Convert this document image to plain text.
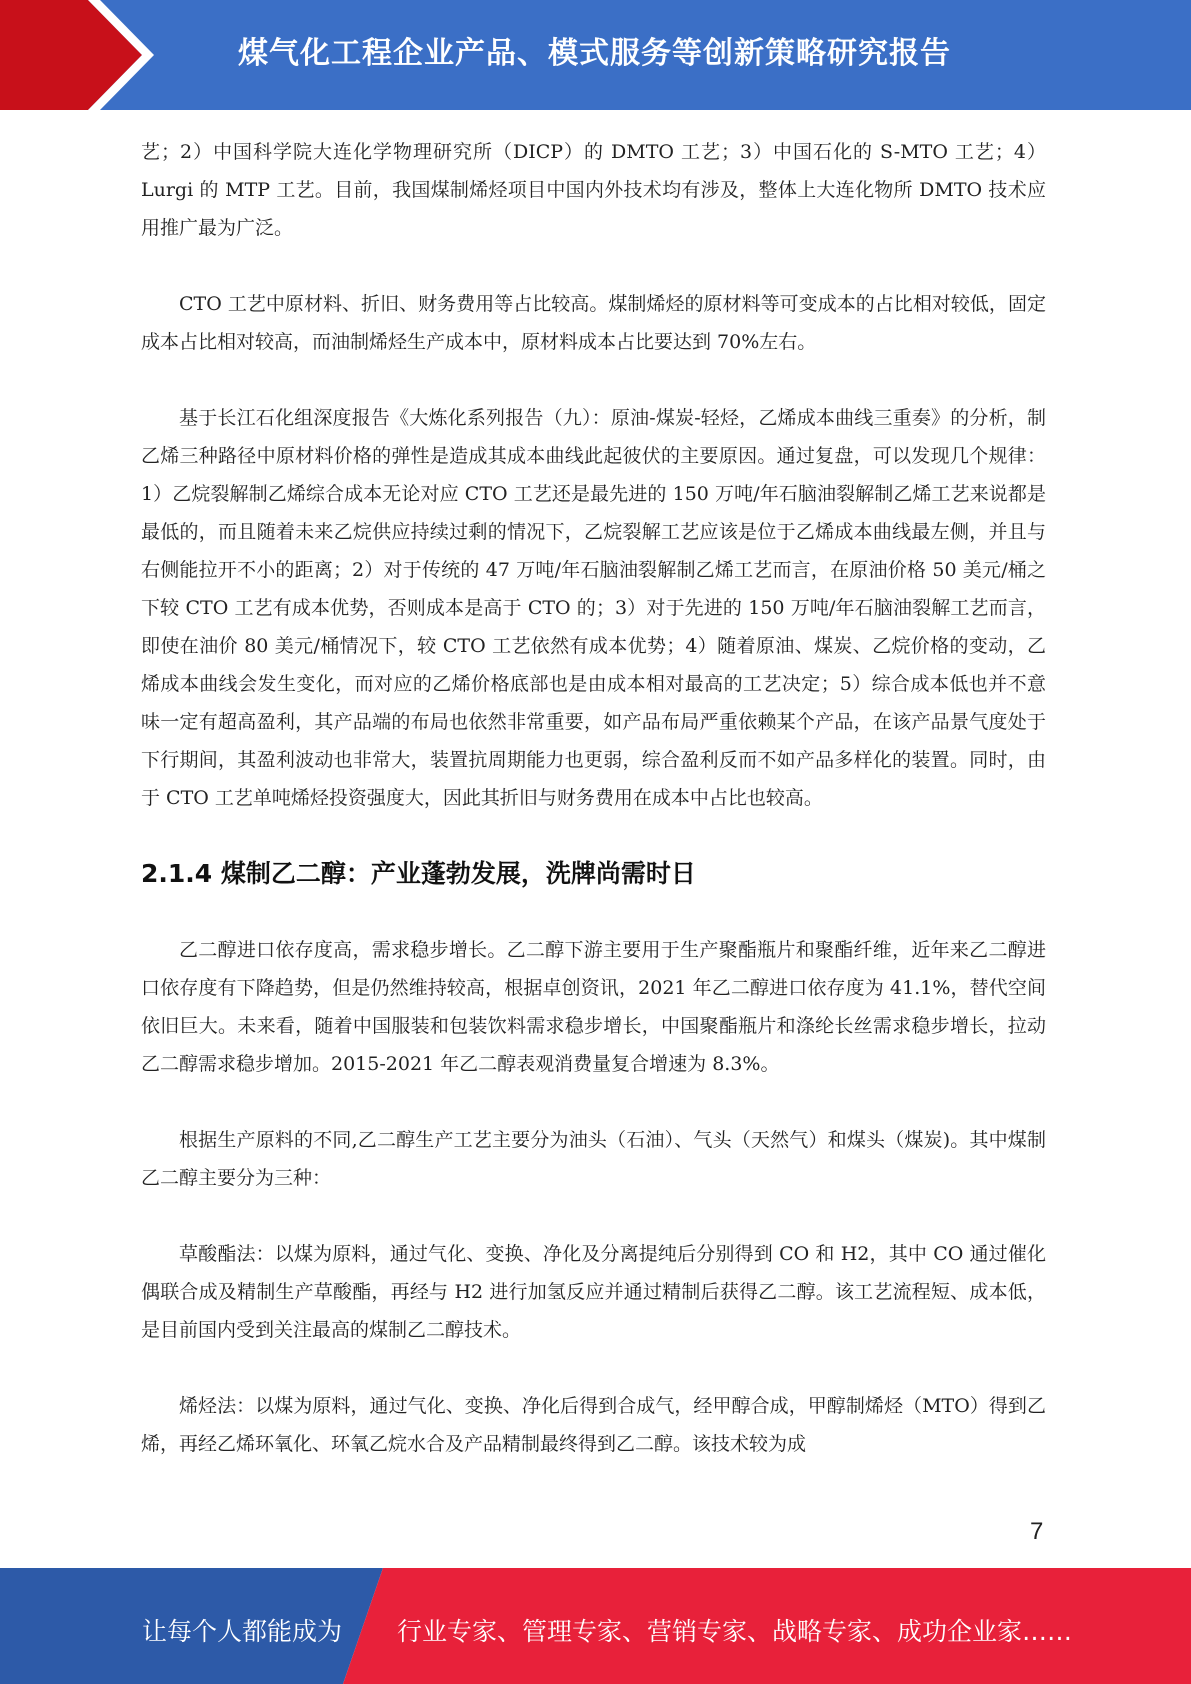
煤气化工程企业产品、模式服务等创新策略研究报告

艺；2）中国科学院大连化学物理研究所（DICP）的 DMTO 工艺；3）中国石化的 S-MTO 工艺；4）Lurgi 的 MTP 工艺。目前，我国煤制烯烃项目中国内外技术均有涉及，整体上大连化物所 DMTO 技术应用推广最为广泛。

CTO 工艺中原材料、折旧、财务费用等占比较高。煤制烯烃的原材料等可变成本的占比相对较低，固定成本占比相对较高，而油制烯烃生产成本中，原材料成本占比要达到 70%左右。

基于长江石化组深度报告《大炼化系列报告（九）：原油-煤炭-轻烃，乙烯成本曲线三重奏》的分析，制乙烯三种路径中原材料价格的弹性是造成其成本曲线此起彼伏的主要原因。通过复盘，可以发现几个规律：1）乙烷裂解制乙烯综合成本无论对应 CTO 工艺还是最先进的 150 万吨/年石脑油裂解制乙烯工艺来说都是最低的，而且随着未来乙烷供应持续过剩的情况下，乙烷裂解工艺应该是位于乙烯成本曲线最左侧，并且与右侧能拉开不小的距离；2）对于传统的 47 万吨/年石脑油裂解制乙烯工艺而言，在原油价格 50 美元/桶之下较 CTO 工艺有成本优势，否则成本是高于 CTO 的；3）对于先进的 150 万吨/年石脑油裂解工艺而言，即使在油价 80 美元/桶情况下，较 CTO 工艺依然有成本优势；4）随着原油、煤炭、乙烷价格的变动，乙烯成本曲线会发生变化，而对应的乙烯价格底部也是由成本相对最高的工艺决定；5）综合成本低也并不意味一定有超高盈利，其产品端的布局也依然非常重要，如产品布局严重依赖某个产品，在该产品景气度处于下行期间，其盈利波动也非常大，装置抗周期能力也更弱，综合盈利反而不如产品多样化的装置。同时，由于 CTO 工艺单吨烯烃投资强度大，因此其折旧与财务费用在成本中占比也较高。

2.1.4 煤制乙二醇：产业蓬勃发展，洗牌尚需时日

乙二醇进口依存度高，需求稳步增长。乙二醇下游主要用于生产聚酯瓶片和聚酯纤维，近年来乙二醇进口依存度有下降趋势，但是仍然维持较高，根据卓创资讯，2021 年乙二醇进口依存度为 41.1%，替代空间依旧巨大。未来看，随着中国服装和包装饮料需求稳步增长，中国聚酯瓶片和涤纶长丝需求稳步增长，拉动乙二醇需求稳步增加。2015-2021 年乙二醇表观消费量复合增速为 8.3%。

根据生产原料的不同,乙二醇生产工艺主要分为油头（石油）、气头（天然气）和煤头（煤炭)。其中煤制乙二醇主要分为三种：

草酸酯法：以煤为原料，通过气化、变换、净化及分离提纯后分别得到 CO 和 H2，其中 CO 通过催化偶联合成及精制生产草酸酯，再经与 H2 进行加氢反应并通过精制后获得乙二醇。该工艺流程短、成本低，是目前国内受到关注最高的煤制乙二醇技术。

烯烃法：以煤为原料，通过气化、变换、净化后得到合成气，经甲醇合成，甲醇制烯烃（MTO）得到乙烯，再经乙烯环氧化、环氧乙烷水合及产品精制最终得到乙二醇。该技术较为成

7
让每个人都能成为 行业专家、管理专家、营销专家、战略专家、成功企业家……
